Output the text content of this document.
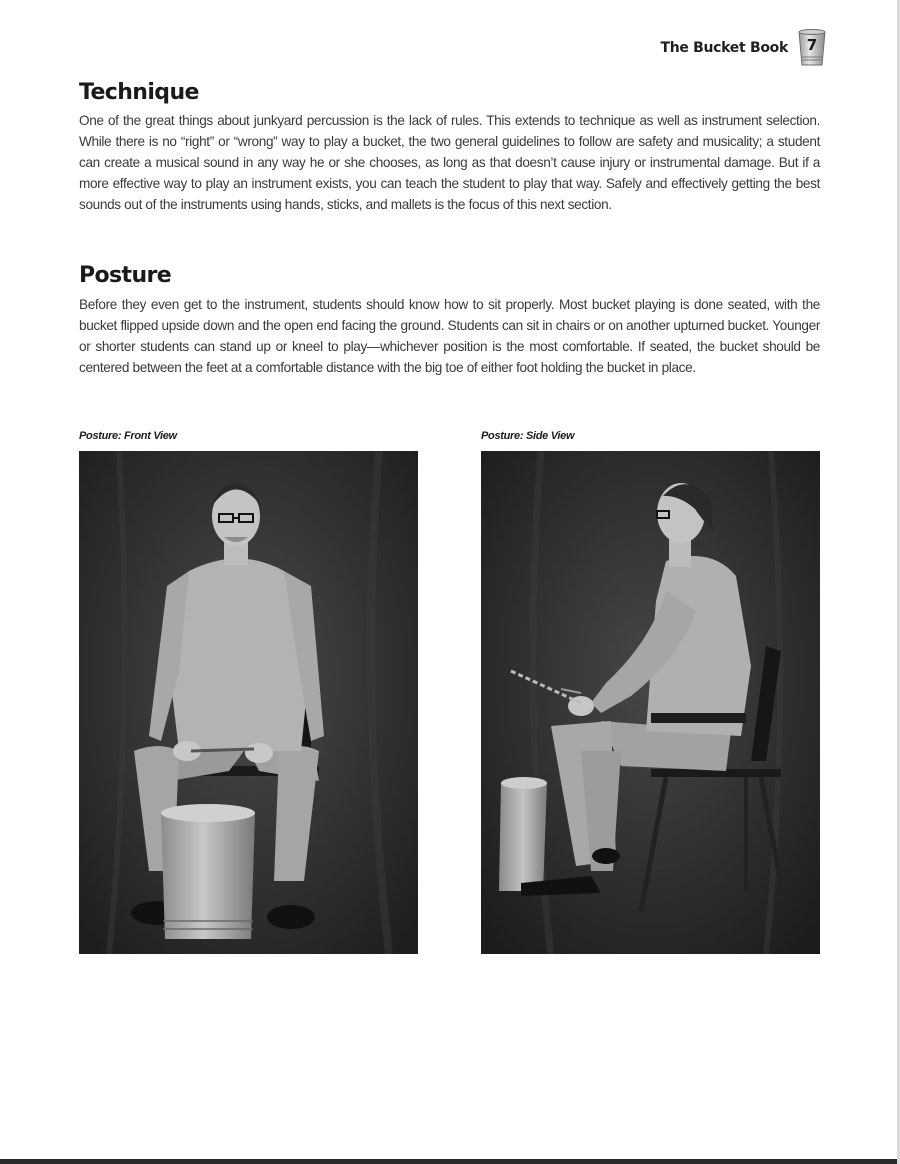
The Bucket Book	7
Technique

One of the great things about junkyard percussion is the lack of rules. This extends to technique as well as instrument selection. While there is no “right” or “wrong” way to play a bucket, the two general guidelines to follow are safety and musicality; a student can create a musical sound in any way he or she chooses, as long as that doesn’t cause injury or instrumental damage. But if a more effective way to play an instrument exists, you can teach the student to play that way. Safely and effectively getting the best sounds out of the instruments using hands, sticks, and mallets is the focus of this next section.

Posture

Before they even get to the instrument, students should know how to sit properly. Most bucket playing is done seated, with the bucket flipped upside down and the open end facing the ground. Students can sit in chairs or on another upturned bucket. Younger or shorter students can stand up or kneel to play—whichever position is the most comfortable. If seated, the bucket should be centered between the feet at a comfortable distance with the big toe of either foot holding the bucket in place.

Posture: Front View	Posture: Side View
